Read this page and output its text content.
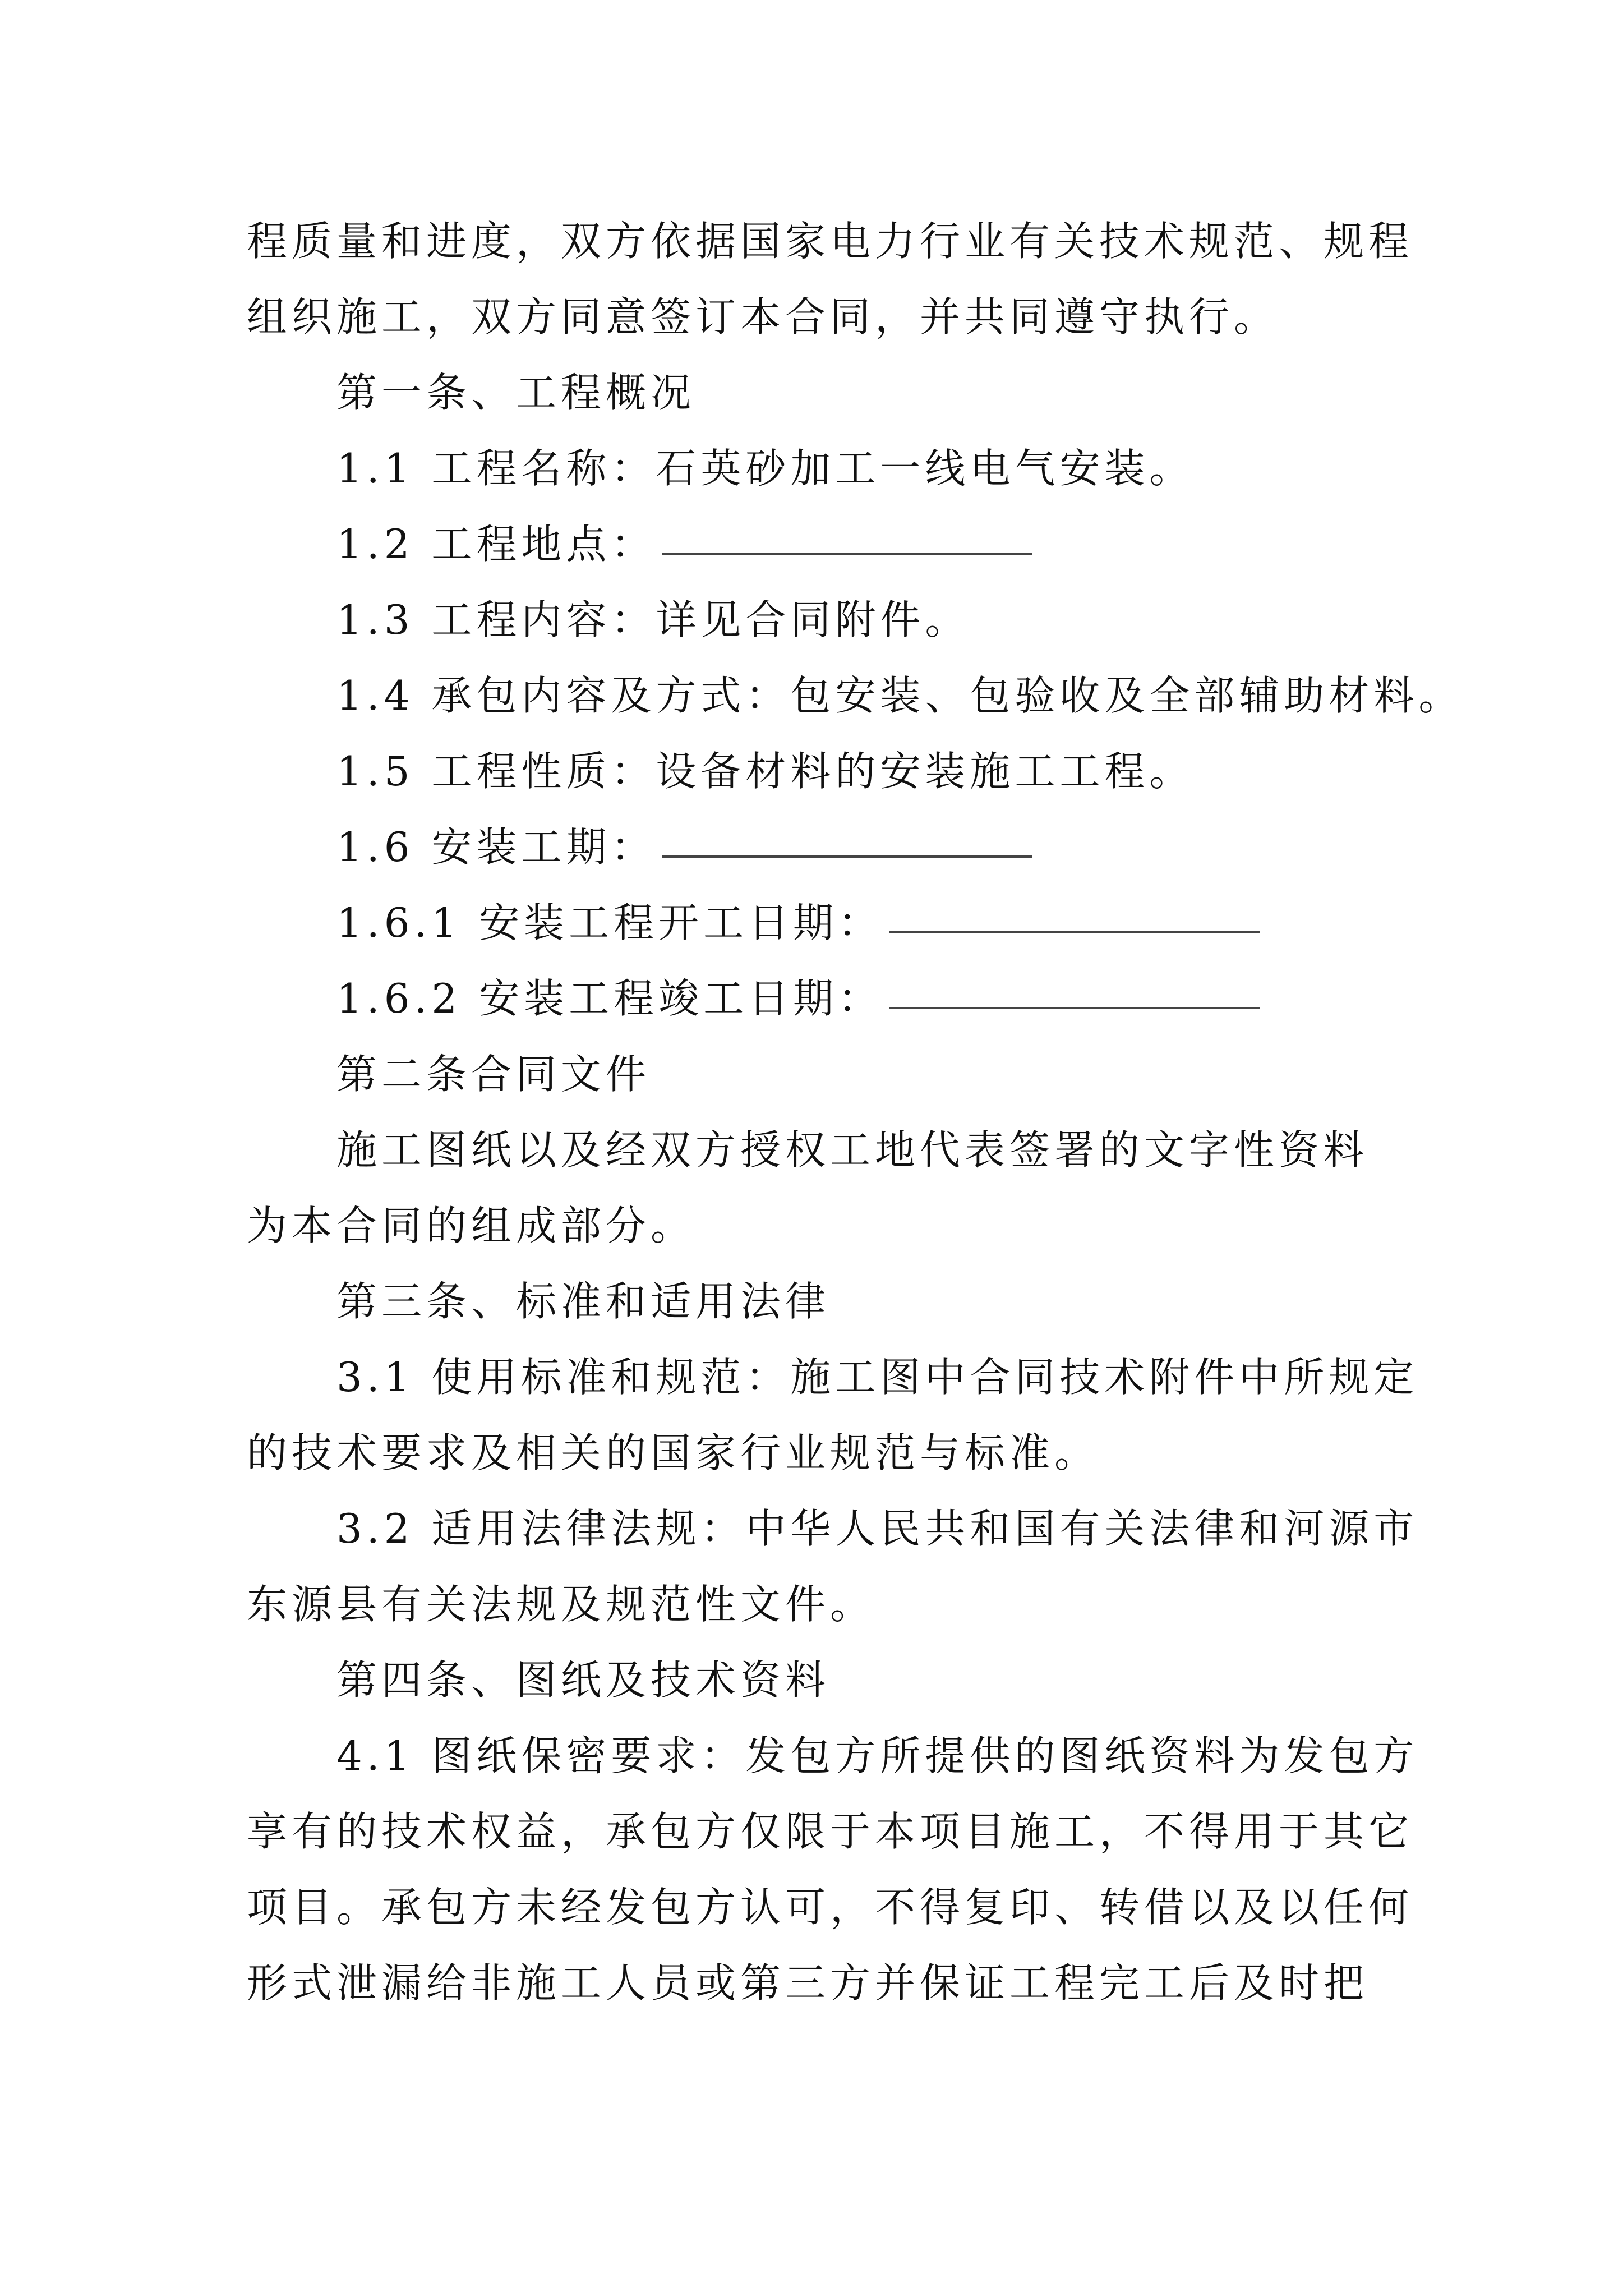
程质量和进度，双方依据国家电力行业有关技术规范、规程
组织施工，双方同意签订本合同，并共同遵守执行。
第一条、工程概况
1.1 工程名称：石英砂加工一线电气安装。
1.2 工程地点：
1.3 工程内容：详见合同附件。
1.4 承包内容及方式：包安装、包验收及全部辅助材料。
1.5 工程性质：设备材料的安装施工工程。
1.6 安装工期：
1.6.1 安装工程开工日期：
1.6.2 安装工程竣工日期：
第二条合同文件
施工图纸以及经双方授权工地代表签署的文字性资料
为本合同的组成部分。
第三条、标准和适用法律
3.1 使用标准和规范：施工图中合同技术附件中所规定
的技术要求及相关的国家行业规范与标准。
3.2 适用法律法规：中华人民共和国有关法律和河源市
东源县有关法规及规范性文件。
第四条、图纸及技术资料
4.1 图纸保密要求：发包方所提供的图纸资料为发包方
享有的技术权益，承包方仅限于本项目施工，不得用于其它
项目。承包方未经发包方认可，不得复印、转借以及以任何
形式泄漏给非施工人员或第三方并保证工程完工后及时把
